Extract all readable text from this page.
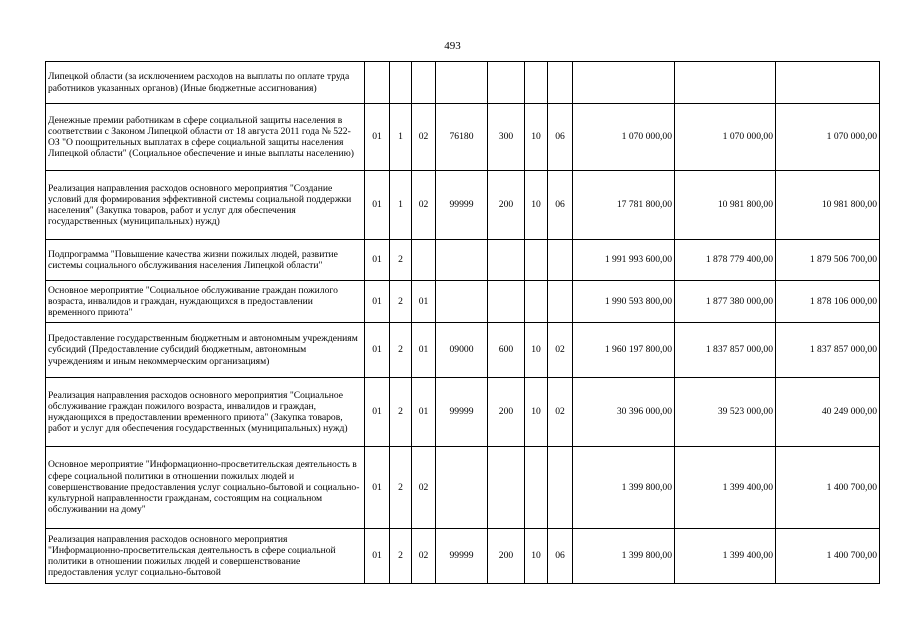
493
Липецкой области (за исключением расходов на выплаты по оплате труда работников указанных органов) (Иные бюджетные ассигнования)										
Денежные премии работникам в сфере социальной защиты населения в соответствии с Законом Липецкой области от 18 августа 2011 года № 522-ОЗ "О поощрительных выплатах в сфере социальной защиты населения Липецкой области" (Социальное обеспечение и иные выплаты населению)	01	1	02	76180	300	10	06	1 070 000,00	1 070 000,00	1 070 000,00
Реализация направления расходов основного мероприятия "Создание условий для формирования эффективной системы социальной поддержки населения" (Закупка товаров, работ и услуг для обеспечения государственных (муниципальных) нужд)	01	1	02	99999	200	10	06	17 781 800,00	10 981 800,00	10 981 800,00
Подпрограмма "Повышение качества жизни пожилых людей, развитие системы социального обслуживания населения Липецкой области"	01	2						1 991 993 600,00	1 878 779 400,00	1 879 506 700,00
Основное мероприятие "Социальное обслуживание граждан пожилого возраста, инвалидов и граждан, нуждающихся в предоставлении временного приюта"	01	2	01					1 990 593 800,00	1 877 380 000,00	1 878 106 000,00
Предоставление государственным бюджетным и автономным учреждениям субсидий (Предоставление субсидий бюджетным, автономным учреждениям и иным некоммерческим организациям)	01	2	01	09000	600	10	02	1 960 197 800,00	1 837 857 000,00	1 837 857 000,00
Реализация направления расходов основного мероприятия "Социальное обслуживание граждан пожилого возраста, инвалидов и граждан, нуждающихся в предоставлении временного приюта" (Закупка товаров, работ и услуг для обеспечения государственных (муниципальных) нужд)	01	2	01	99999	200	10	02	30 396 000,00	39 523 000,00	40 249 000,00
Основное мероприятие "Информационно-просветительская деятельность в сфере социальной политики в отношении пожилых людей и совершенствование предоставления услуг социально-бытовой и социально-культурной направленности гражданам, состоящим на социальном обслуживании на дому"	01	2	02					1 399 800,00	1 399 400,00	1 400 700,00
Реализация направления расходов основного мероприятия "Информационно-просветительская деятельность в сфере социальной политики в отношении пожилых людей и совершенствование предоставления услуг социально-бытовой	01	2	02	99999	200	10	06	1 399 800,00	1 399 400,00	1 400 700,00
